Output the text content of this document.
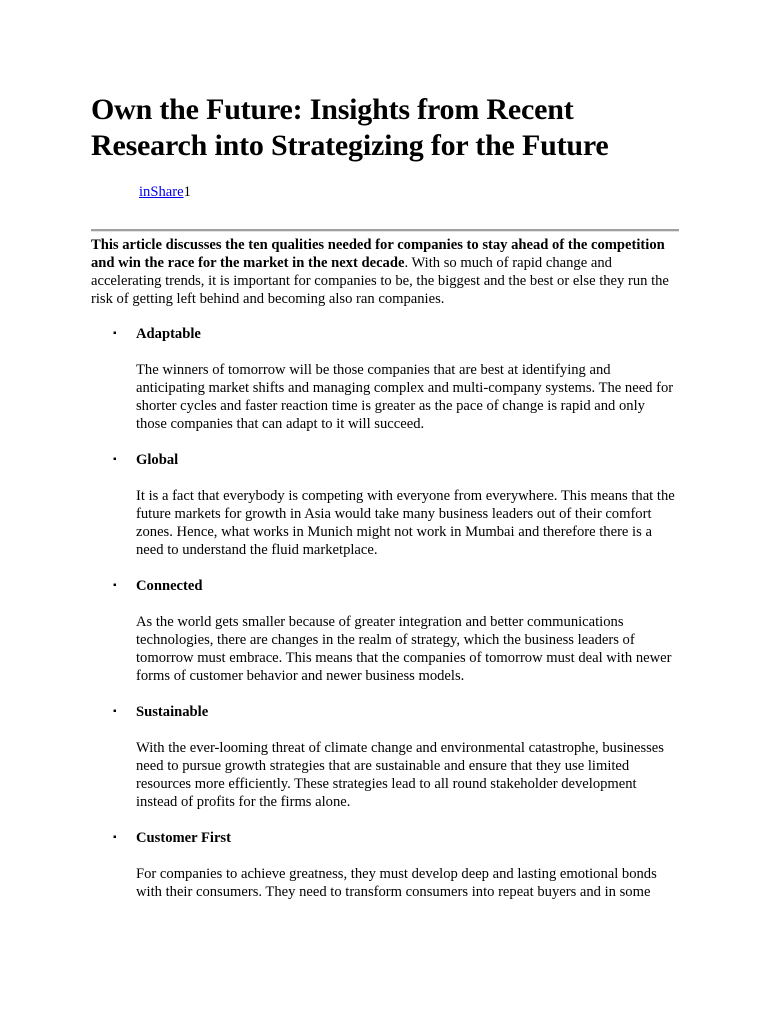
Own the Future: Insights from Recent Research into Strategizing for the Future
inShare1

This article discusses the ten qualities needed for companies to stay ahead of the competition and win the race for the market in the next decade. With so much of rapid change and accelerating trends, it is important for companies to be, the biggest and the best or else they run the risk of getting left behind and becoming also ran companies.

▪ Adaptable

The winners of tomorrow will be those companies that are best at identifying and anticipating market shifts and managing complex and multi-company systems. The need for shorter cycles and faster reaction time is greater as the pace of change is rapid and only those companies that can adapt to it will succeed.

▪ Global

It is a fact that everybody is competing with everyone from everywhere. This means that the future markets for growth in Asia would take many business leaders out of their comfort zones. Hence, what works in Munich might not work in Mumbai and therefore there is a need to understand the fluid marketplace.

▪ Connected

As the world gets smaller because of greater integration and better communications technologies, there are changes in the realm of strategy, which the business leaders of tomorrow must embrace. This means that the companies of tomorrow must deal with newer forms of customer behavior and newer business models.

▪ Sustainable

With the ever-looming threat of climate change and environmental catastrophe, businesses need to pursue growth strategies that are sustainable and ensure that they use limited resources more efficiently. These strategies lead to all round stakeholder development instead of profits for the firms alone.

▪ Customer First

For companies to achieve greatness, they must develop deep and lasting emotional bonds with their consumers. They need to transform consumers into repeat buyers and in some
